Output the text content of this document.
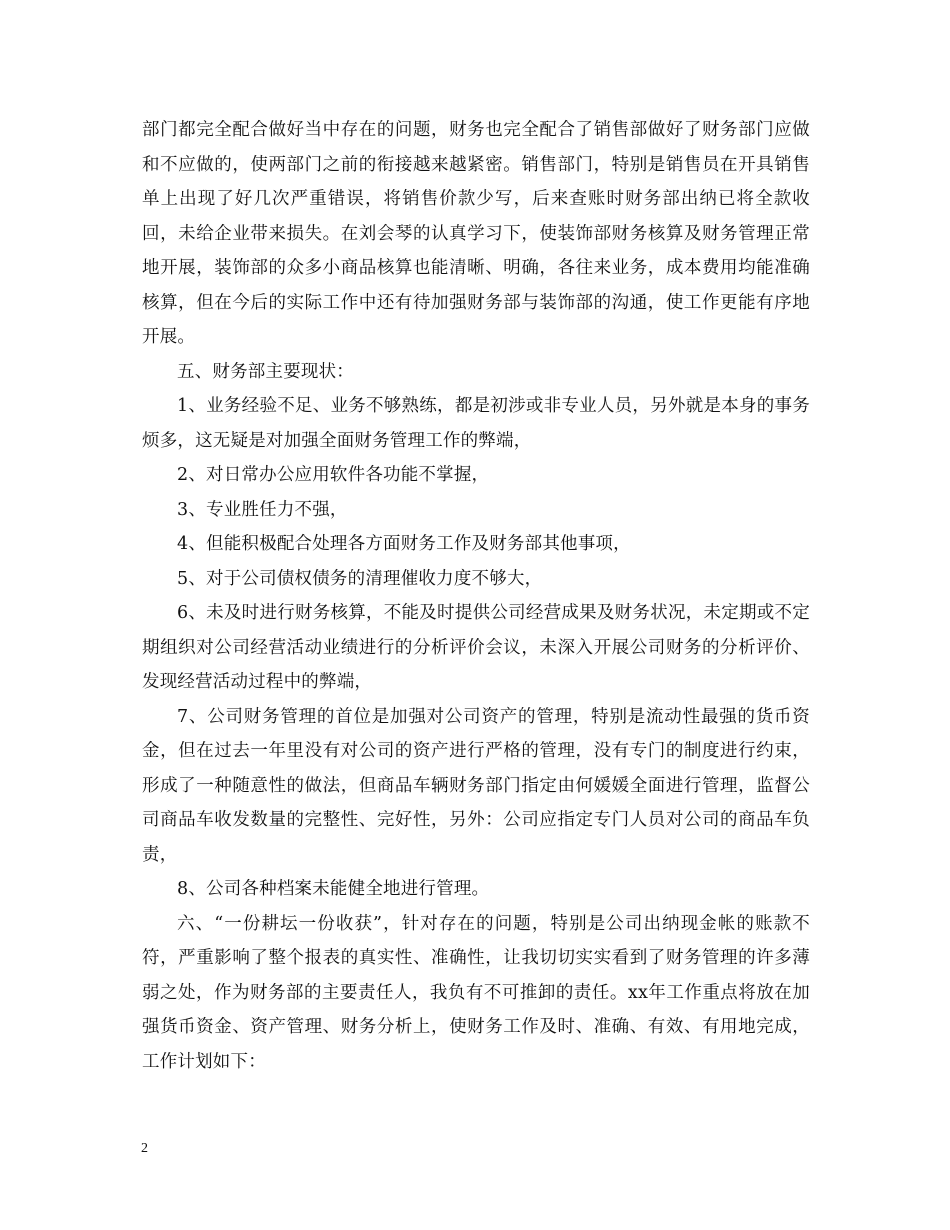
部门都完全配合做好当中存在的问题，财务也完全配合了销售部做好了财务部门应做和不应做的，使两部门之前的衔接越来越紧密。销售部门，特别是销售员在开具销售单上出现了好几次严重错误，将销售价款少写，后来查账时财务部出纳已将全款收回，未给企业带来损失。在刘会琴的认真学习下，使装饰部财务核算及财务管理正常地开展，装饰部的众多小商品核算也能清晰、明确，各往来业务，成本费用均能准确核算，但在今后的实际工作中还有待加强财务部与装饰部的沟通，使工作更能有序地开展。

五、财务部主要现状：

1、业务经验不足、业务不够熟练，都是初涉或非专业人员，另外就是本身的事务烦多，这无疑是对加强全面财务管理工作的弊端，

2、对日常办公应用软件各功能不掌握，

3、专业胜任力不强，

4、但能积极配合处理各方面财务工作及财务部其他事项，

5、对于公司债权债务的清理催收力度不够大，

6、未及时进行财务核算，不能及时提供公司经营成果及财务状况，未定期或不定期组织对公司经营活动业绩进行的分析评价会议，未深入开展公司财务的分析评价、发现经营活动过程中的弊端，

7、公司财务管理的首位是加强对公司资产的管理，特别是流动性最强的货币资金，但在过去一年里没有对公司的资产进行严格的管理，没有专门的制度进行约束，形成了一种随意性的做法，但商品车辆财务部门指定由何媛媛全面进行管理，监督公司商品车收发数量的完整性、完好性，另外：公司应指定专门人员对公司的商品车负责，

8、公司各种档案未能健全地进行管理。

六、“一份耕坛一份收获”，针对存在的问题，特别是公司出纳现金帐的账款不符，严重影响了整个报表的真实性、准确性，让我切切实实看到了财务管理的许多薄弱之处，作为财务部的主要责任人，我负有不可推卸的责任。xx年工作重点将放在加强货币资金、资产管理、财务分析上，使财务工作及时、准确、有效、有用地完成，工作计划如下：

2
